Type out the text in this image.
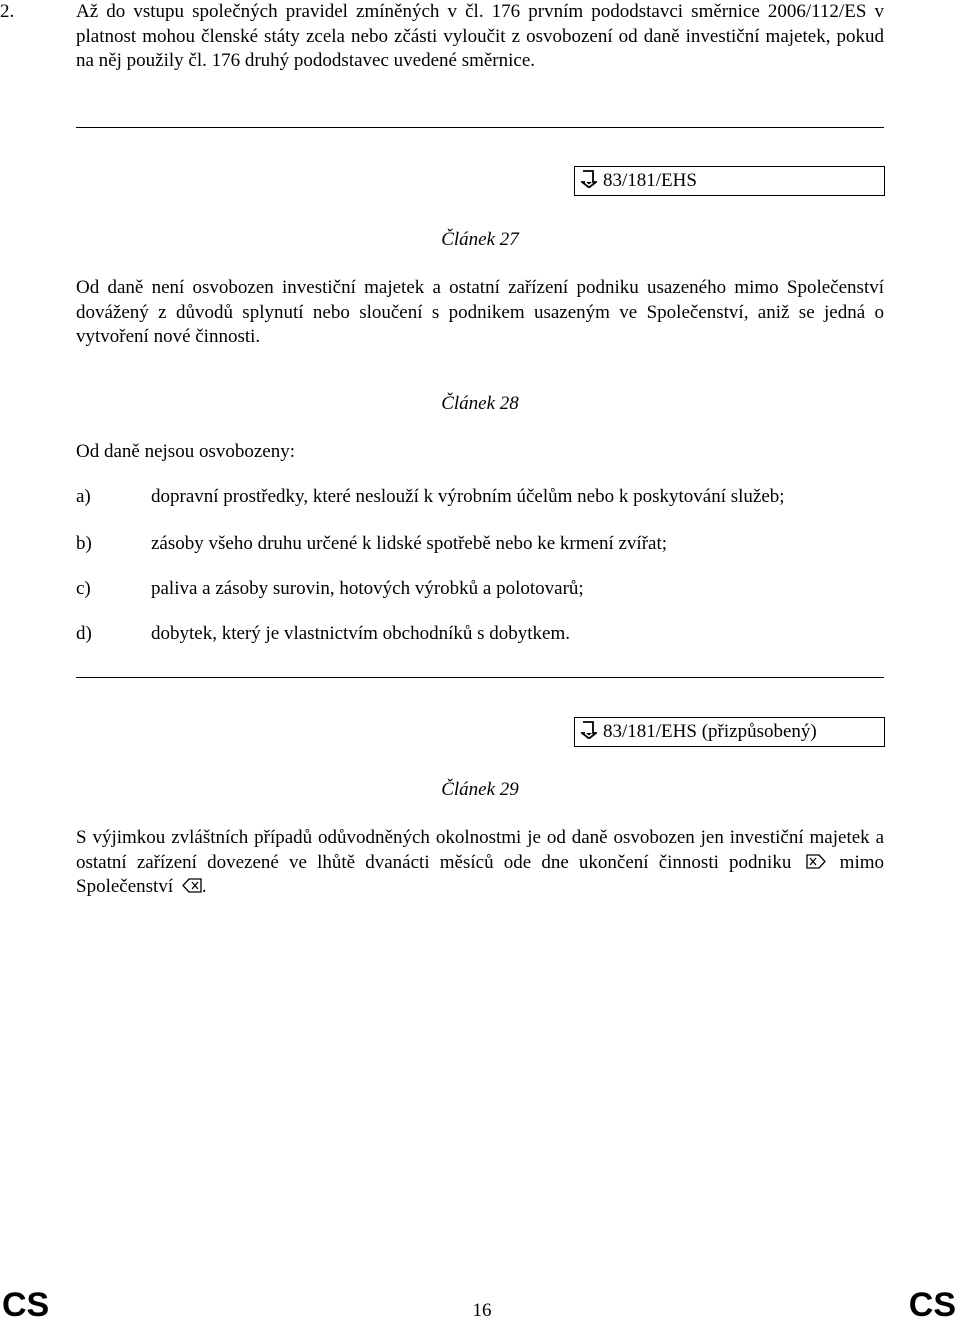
2.	Až do vstupu společných pravidel zmíněných v čl. 176 prvním pododstavci směrnice 2006/112/ES v platnost mohou členské státy zcela nebo zčásti vyloučit z osvobození od daně investiční majetek, pokud na něj použily čl. 176 druhý pododstavec uvedené směrnice.
83/181/EHS
Článek 27
Od daně není osvobozen investiční majetek a ostatní zařízení podniku usazeného mimo Společenství dovážený z důvodů splynutí nebo sloučení s podnikem usazeným ve Společenství, aniž se jedná o vytvoření nové činnosti.
Článek 28
Od daně nejsou osvobozeny:
a)	dopravní prostředky, které neslouží k výrobním účelům nebo k poskytování služeb;
b)	zásoby všeho druhu určené k lidské spotřebě nebo ke krmení zvířat;
c)	paliva a zásoby surovin, hotových výrobků a polotovarů;
d)	dobytek, který je vlastnictvím obchodníků s dobytkem.
83/181/EHS (přizpůsobený)
Článek 29
S výjimkou zvláštních případů odůvodněných okolnostmi je od daně osvobozen jen investiční majetek a ostatní zařízení dovezené ve lhůtě dvanácti měsíců ode dne ukončení činnosti podniku	mimo Společenství .
CS	16	CS
